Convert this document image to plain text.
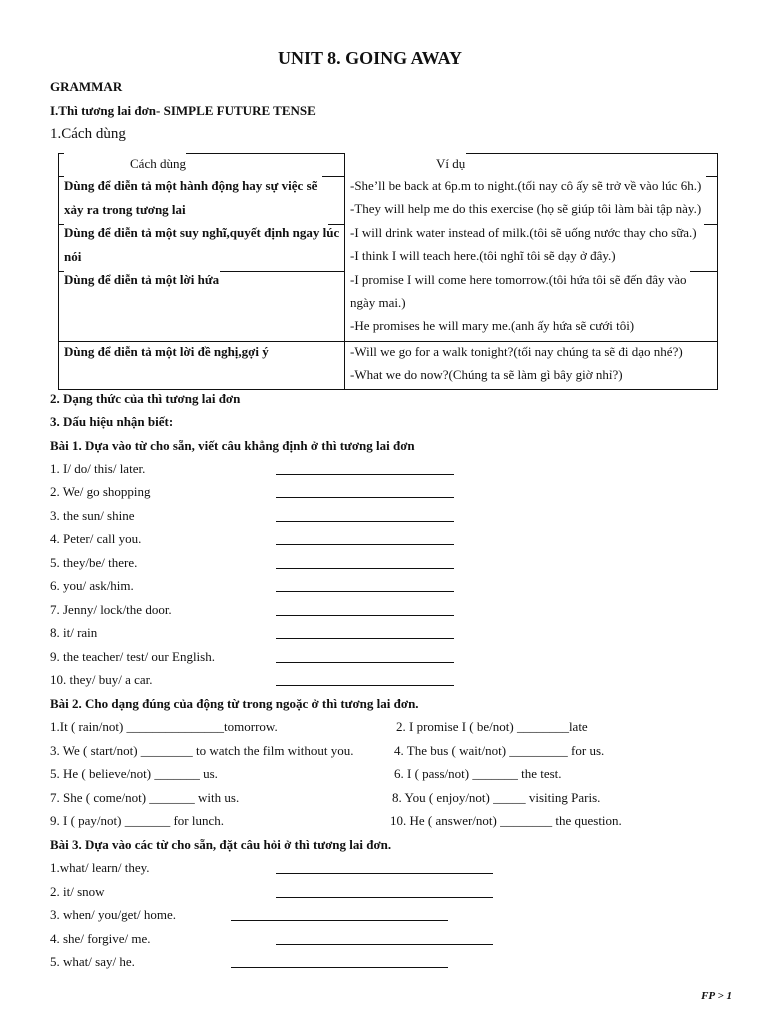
UNIT 8. GOING AWAY
GRAMMAR
I.Thì tương lai đơn- SIMPLE FUTURE TENSE
1.Cách dùng
Cách dùng	Ví dụ
Dùng để diễn tả một hành động hay sự việc sẽ xảy ra trong tương lai
-She’ll be back at 6p.m to night.(tối nay cô ấy sẽ trở về vào lúc 6h.)
-They will help me do this exercise (họ sẽ giúp tôi làm bài tập này.)
Dùng để diễn tả một suy nghĩ,quyết định ngay lúc nói
-I will drink water instead of milk.(tôi sẽ uống nước thay cho sữa.)
-I think I will teach here.(tôi nghĩ tôi sẽ dạy ở đây.)
Dùng để diễn tả một lời hứa	-I promise I will come here tomorrow.(tôi hứa tôi sẽ đến đây vào
ngày mai.)
-He promises he will mary me.(anh ấy hứa sẽ cưới tôi)
Dùng để diễn tả một lời đề nghị,gợi ý	-Will we go for a walk tonight?(tối nay chúng ta sẽ đi dạo nhé?)
-What we do now?(Chúng ta sẽ làm gì bây giờ nhỉ?)
2. Dạng thức của thì tương lai đơn
3. Dấu hiệu nhận biết:
Bài 1. Dựa vào từ cho sẵn, viết câu khẳng định ở thì tương lai đơn
1. I/ do/ this/ later.
2. We/ go shopping
3. the sun/ shine
4. Peter/ call you.
5. they/be/ there.
6. you/ ask/him.
7. Jenny/ lock/the door.
8. it/ rain
9. the teacher/ test/ our English.
10. they/ buy/ a car.
Bài 2. Cho dạng đúng của động từ trong ngoặc ở thì tương lai đơn.
1.It ( rain/not) _______________tomorrow.
3. We ( start/not) ________ to watch the film without you.
5. He ( believe/not) _______ us.
7. She ( come/not) _______ with us.
9. I ( pay/not) _______ for lunch.
2. I promise I ( be/not) ________late
4. The bus ( wait/not) _________ for us.
6. I ( pass/not) _______ the test.
8. You ( enjoy/not) _____ visiting Paris.
10. He ( answer/not) ________ the question.
Bài 3. Dựa vào các từ cho sẵn, đặt câu hỏi ở thì tương lai đơn.
1.what/ learn/ they.
2. it/ snow
3. when/ you/get/ home.
4. she/ forgive/ me.
5. what/ say/ he.
FP > 1
